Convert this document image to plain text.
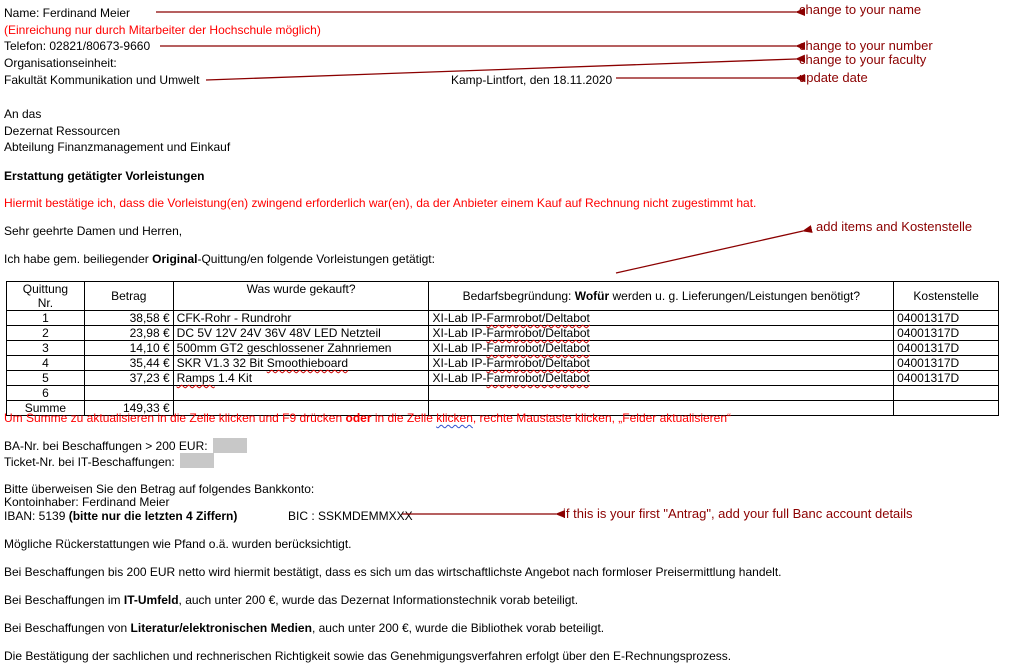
Name: Ferdinand Meier
(Einreichung nur durch Mitarbeiter der Hochschule möglich)
Telefon: 02821/80673-9660
Organisationseinheit:
Fakultät Kommunikation und Umwelt	Kamp-Lintfort, den 18.11.2020
An das
Dezernat Ressourcen
Abteilung Finanzmanagement und Einkauf
Erstattung getätigter Vorleistungen
Hiermit bestätige ich, dass die Vorleistung(en) zwingend erforderlich war(en), da der Anbieter einem Kauf auf Rechnung nicht zugestimmt hat.
Sehr geehrte Damen und Herren,
Ich habe gem. beiliegender Original-Quittung/en folgende Vorleistungen getätigt:
Quittung
Nr.	Betrag	Was wurde gekauft?	Bedarfsbegründung: Wofür werden u. g. Lieferungen/Leistungen benötigt?	Kostenstelle
1	38,58 €	CFK-Rohr - Rundrohr	XI-Lab IP-Farmrobot/Deltabot	04001317D
2	23,98 €	DC 5V 12V 24V 36V 48V LED Netzteil	XI-Lab IP-Farmrobot/Deltabot	04001317D
3	14,10 €	500mm GT2 geschlossener Zahnriemen	XI-Lab IP-Farmrobot/Deltabot	04001317D
4	35,44 €	SKR V1.3 32 Bit Smoothieboard	XI-Lab IP-Farmrobot/Deltabot	04001317D
5	37,23 €	Ramps 1.4 Kit	XI-Lab IP-Farmrobot/Deltabot	04001317D
6				
Summe	149,33 €			
Um Summe zu aktualisieren in die Zelle klicken und F9 drücken oder in die Zelle klicken, rechte Maustaste klicken, „Felder aktualisieren“
BA-Nr. bei Beschaffungen > 200 EUR:
Ticket-Nr. bei IT-Beschaffungen:
Bitte überweisen Sie den Betrag auf folgendes Bankkonto:
Kontoinhaber: Ferdinand Meier
IBAN: 5139 (bitte nur die letzten 4 Ziffern)	BIC : SSKMDEMMXXX
Mögliche Rückerstattungen wie Pfand o.ä. wurden berücksichtigt.
Bei Beschaffungen bis 200 EUR netto wird hiermit bestätigt, dass es sich um das wirtschaftlichste Angebot nach formloser Preisermittlung handelt.
Bei Beschaffungen im IT-Umfeld, auch unter 200 €, wurde das Dezernat Informationstechnik vorab beteiligt.
Bei Beschaffungen von Literatur/elektronischen Medien, auch unter 200 €, wurde die Bibliothek vorab beteiligt.
Die Bestätigung der sachlichen und rechnerischen Richtigkeit sowie das Genehmigungsverfahren erfolgt über den E-Rechnungsprozess.
change to your name
change to your number
change to your faculty
update date
add items and Kostenstelle
if this is your first "Antrag", add your full Banc account details
